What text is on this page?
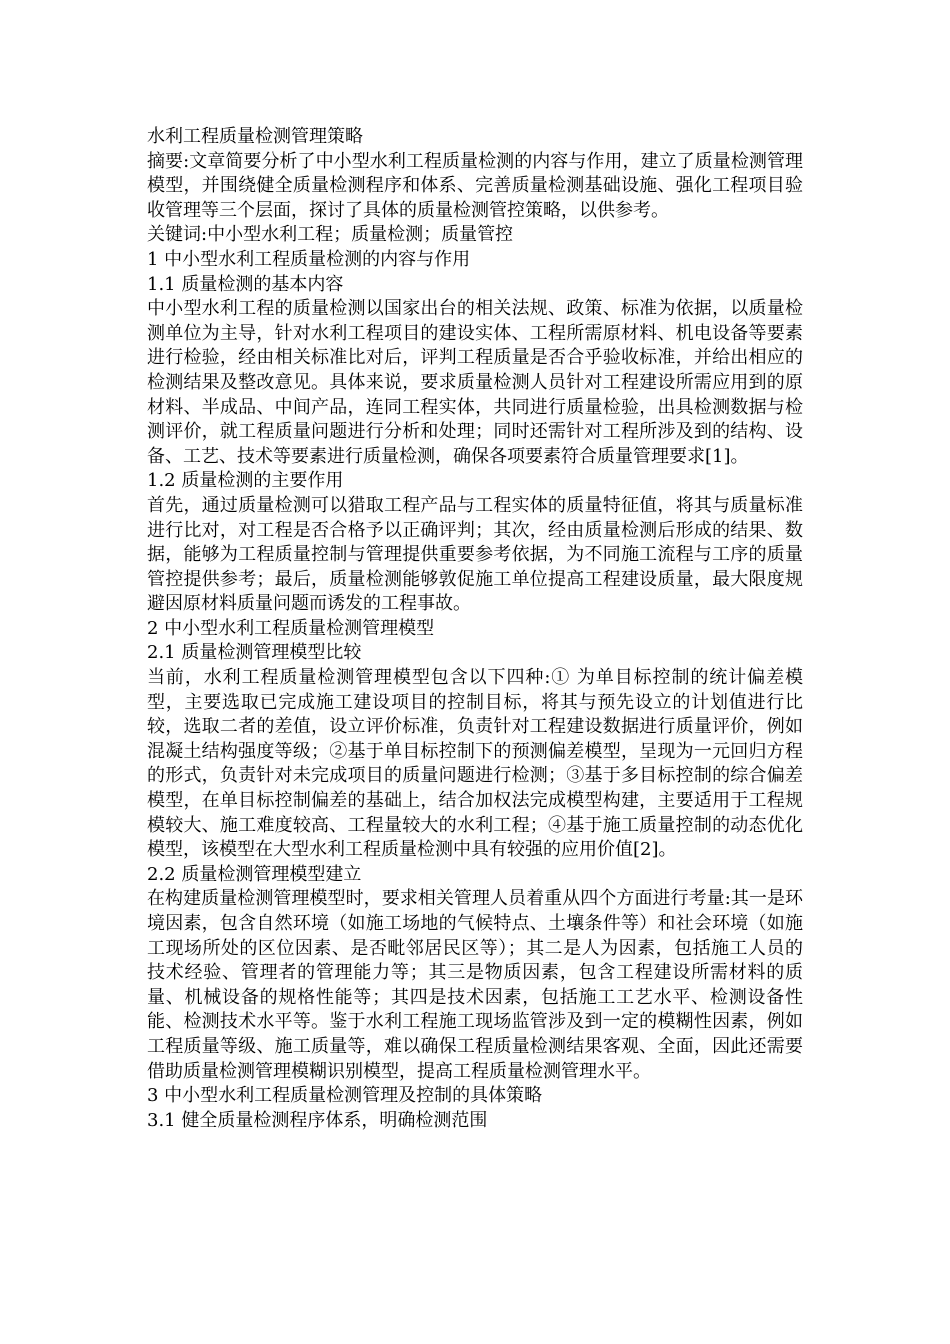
水利工程质量检测管理策略
摘要:文章简要分析了中小型水利工程质量检测的内容与作用，建立了质量检测管理模型，并围绕健全质量检测程序和体系、完善质量检测基础设施、强化工程项目验收管理等三个层面，探讨了具体的质量检测管控策略，以供参考。
关键词:中小型水利工程；质量检测；质量管控
1 中小型水利工程质量检测的内容与作用
1.1 质量检测的基本内容
中小型水利工程的质量检测以国家出台的相关法规、政策、标准为依据，以质量检测单位为主导，针对水利工程项目的建设实体、工程所需原材料、机电设备等要素进行检验，经由相关标准比对后，评判工程质量是否合乎验收标准，并给出相应的检测结果及整改意见。具体来说，要求质量检测人员针对工程建设所需应用到的原材料、半成品、中间产品，连同工程实体，共同进行质量检验，出具检测数据与检测评价，就工程质量问题进行分析和处理；同时还需针对工程所涉及到的结构、设备、工艺、技术等要素进行质量检测，确保各项要素符合质量管理要求[1]。
1.2 质量检测的主要作用
首先，通过质量检测可以猎取工程产品与工程实体的质量特征值，将其与质量标准进行比对，对工程是否合格予以正确评判；其次，经由质量检测后形成的结果、数据，能够为工程质量控制与管理提供重要参考依据，为不同施工流程与工序的质量管控提供参考；最后，质量检测能够敦促施工单位提高工程建设质量，最大限度规避因原材料质量问题而诱发的工程事故。
2 中小型水利工程质量检测管理模型
2.1 质量检测管理模型比较
当前，水利工程质量检测管理模型包含以下四种:① 为单目标控制的统计偏差模型，主要选取已完成施工建设项目的控制目标，将其与预先设立的计划值进行比较，选取二者的差值，设立评价标准，负责针对工程建设数据进行质量评价，例如混凝土结构强度等级；②基于单目标控制下的预测偏差模型，呈现为一元回归方程的形式，负责针对未完成项目的质量问题进行检测；③基于多目标控制的综合偏差模型，在单目标控制偏差的基础上，结合加权法完成模型构建，主要适用于工程规模较大、施工难度较高、工程量较大的水利工程；④基于施工质量控制的动态优化模型，该模型在大型水利工程质量检测中具有较强的应用价值[2]。
2.2 质量检测管理模型建立
在构建质量检测管理模型时，要求相关管理人员着重从四个方面进行考量:其一是环境因素，包含自然环境（如施工场地的气候特点、土壤条件等）和社会环境（如施工现场所处的区位因素、是否毗邻居民区等）；其二是人为因素，包括施工人员的技术经验、管理者的管理能力等；其三是物质因素，包含工程建设所需材料的质量、机械设备的规格性能等；其四是技术因素，包括施工工艺水平、检测设备性能、检测技术水平等。鉴于水利工程施工现场监管涉及到一定的模糊性因素，例如工程质量等级、施工质量等，难以确保工程质量检测结果客观、全面，因此还需要借助质量检测管理模糊识别模型，提高工程质量检测管理水平。
3 中小型水利工程质量检测管理及控制的具体策略
3.1 健全质量检测程序体系，明确检测范围
